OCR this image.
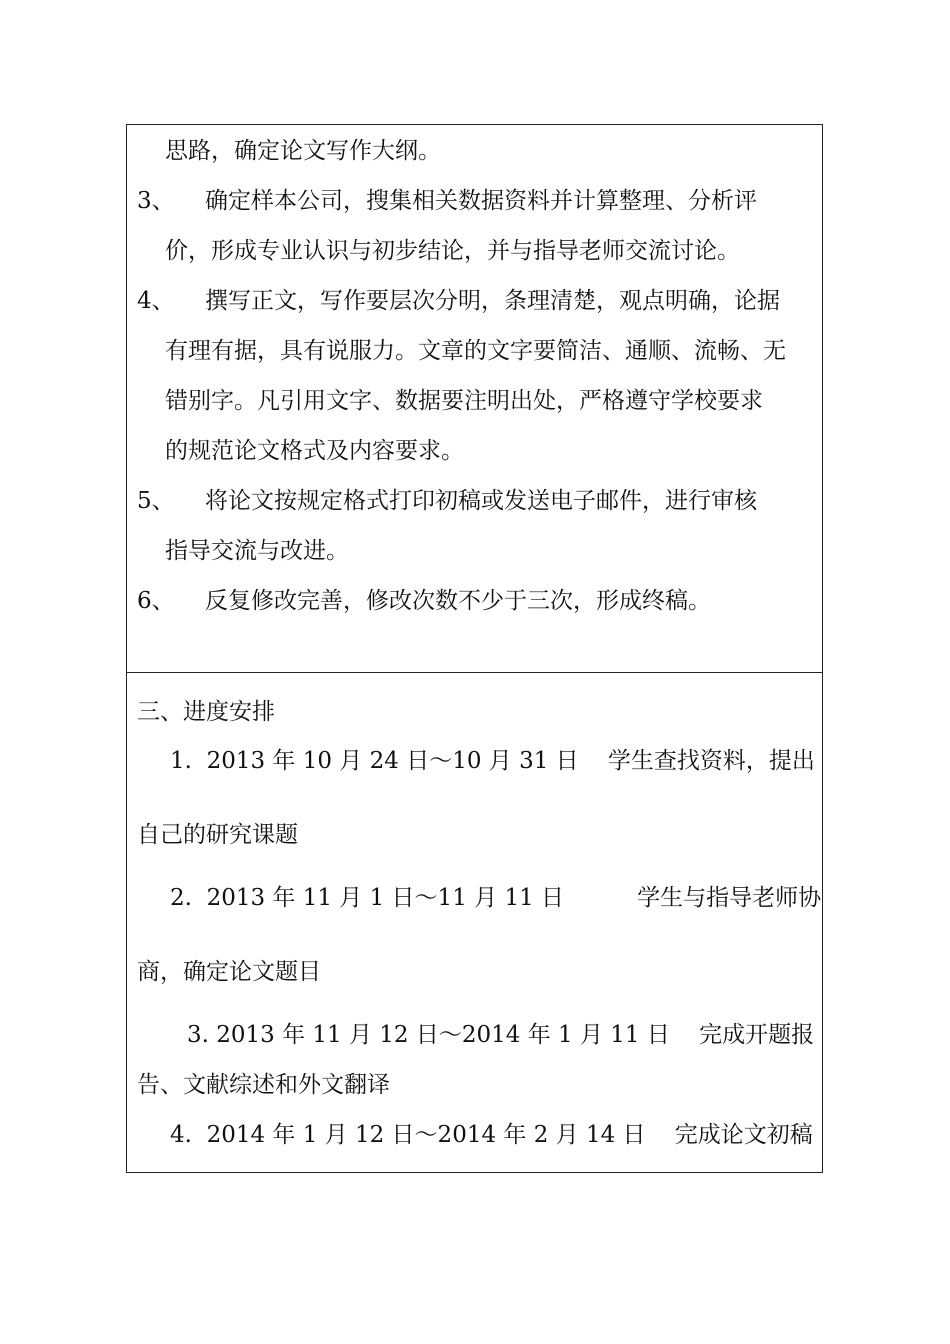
思路，确定论文写作大纲。
3、 确定样本公司，搜集相关数据资料并计算整理、分析评
价，形成专业认识与初步结论，并与指导老师交流讨论。
4、 撰写正文，写作要层次分明，条理清楚，观点明确，论据
有理有据，具有说服力。文章的文字要简洁、通顺、流畅、无
错别字。凡引用文字、数据要注明出处，严格遵守学校要求
的规范论文格式及内容要求。
5、 将论文按规定格式打印初稿或发送电子邮件，进行审核
指导交流与改进。
6、 反复修改完善，修改次数不少于三次，形成终稿。
三、进度安排
1.  2013 年 10 月 24 日～10 月 31 日    学生查找资料，提出
自己的研究课题
2.  2013 年 11 月 1 日～11 月 11 日          学生与指导老师协
商，确定论文题目
3. 2013 年 11 月 12 日～2014 年 1 月 11 日    完成开题报
告、文献综述和外文翻译
4.  2014 年 1 月 12 日～2014 年 2 月 14 日    完成论文初稿
